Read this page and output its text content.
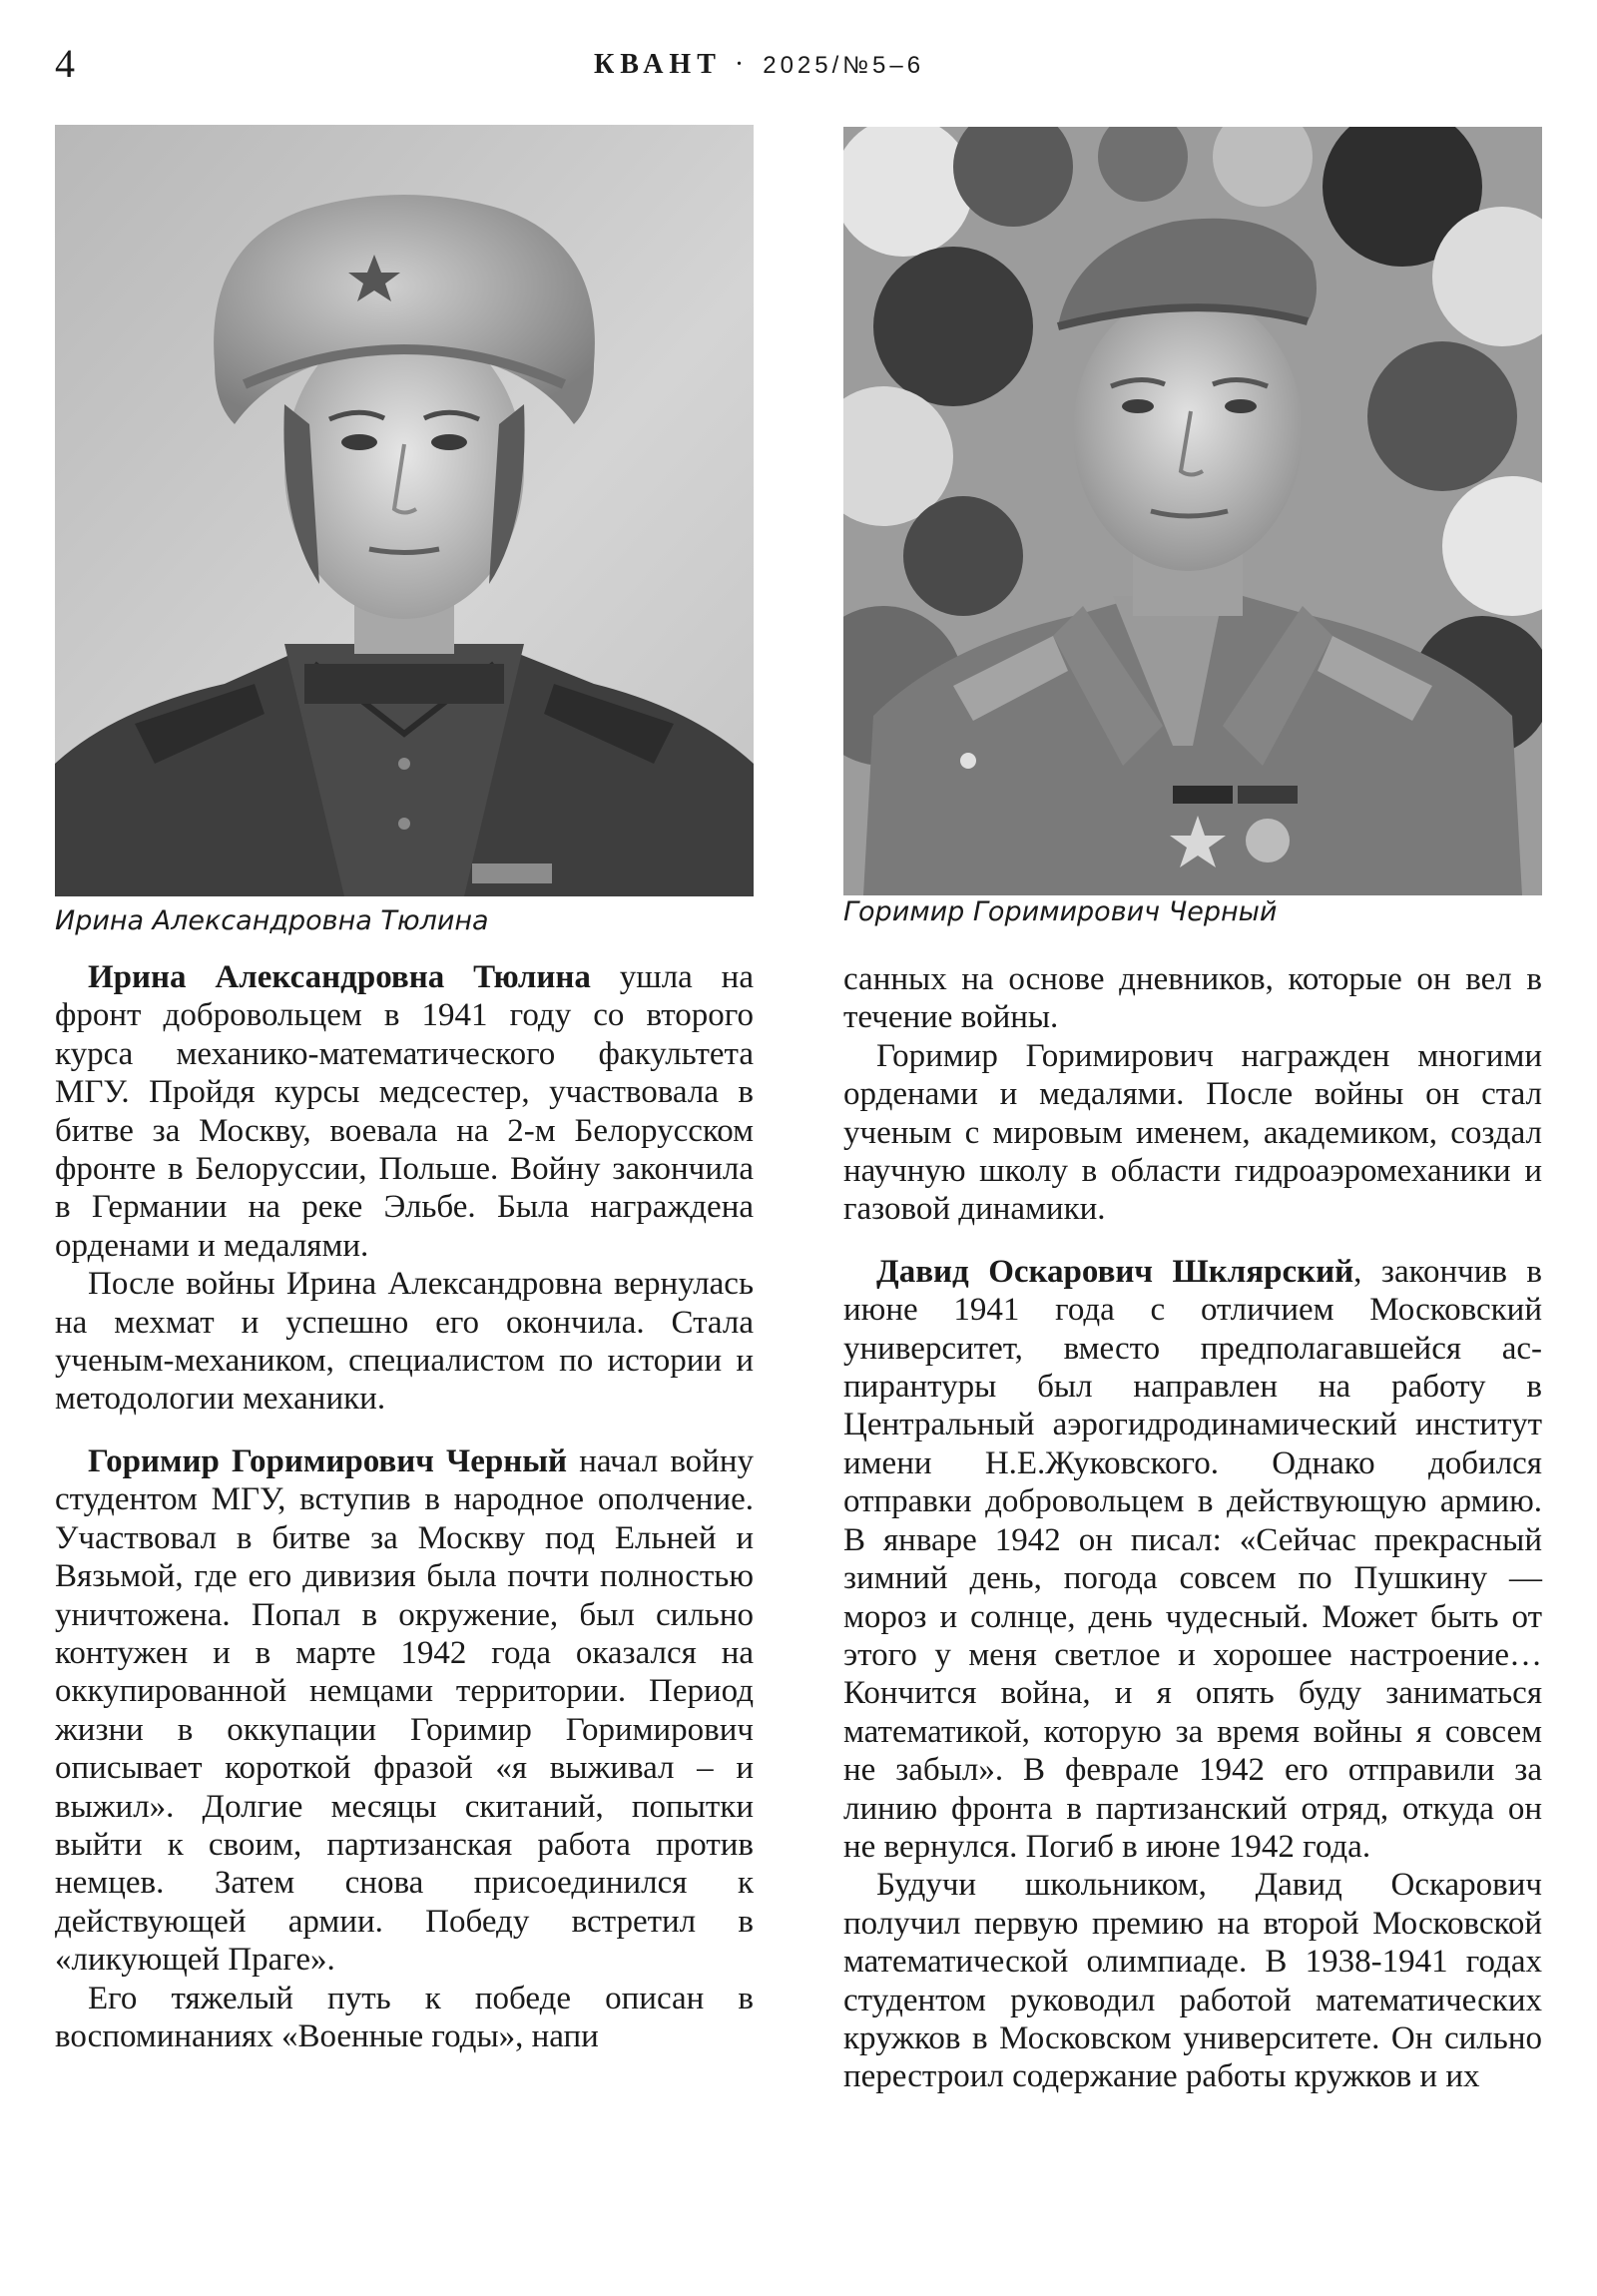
4	КВАНТ · 2025/№5–6
Ирина Александровна Тюлина	Горимир Горимирович Черный

Ирина Александровна Тюлина ушла на фронт добровольцем в 1941 году со второго курса механико-математического факультета МГУ. Пройдя курсы медсестер, участвовала в битве за Москву, воевала на 2-м Белорусском фронте в Белоруссии, Польше. Войну закончила в Германии на реке Эльбе. Была награждена орденами и медалями.

После войны Ирина Александровна вернулась на мехмат и успешно его окончила. Стала ученым-механиком, специалистом по истории и методологии механики.

Горимир Горимирович Черный начал войну студентом МГУ, вступив в народное ополчение. Участвовал в битве за Москву под Ельней и Вязьмой, где его дивизия была почти полностью уничтожена. Попал в окружение, был сильно контужен и в марте 1942 года оказался на оккупированной немцами территории. Период жизни в оккупации Горимир Горимирович описывает короткой фразой «я выживал – и выжил». Долгие месяцы скитаний, попытки выйти к своим, партизанская работа против немцев. Затем снова присоединился к действующей армии. Победу встретил в «ликующей Праге».

Его тяжелый путь к победе описан в воспоминаниях «Военные годы», напи

санных на основе дневников, которые он вел в течение войны.

Горимир Горимирович награжден многими орденами и медалями. После войны он стал ученым с мировым именем, академиком, создал научную школу в области гидроаэромеханики и газовой динамики.

Давид Оскарович Шклярский, закончив в июне 1941 года с отличием Московский университет, вместо предполагавшейся аспирантуры был направлен на работу в Центральный аэрогидродинамический институт имени Н.Е.Жуковского. Однако добился отправки добровольцем в действующую армию. В январе 1942 он писал: «Сейчас прекрасный зимний день, погода совсем по Пушкину — мороз и солнце, день чудесный. Может быть от этого у меня светлое и хорошее настроение… Кончится война, и я опять буду заниматься математикой, которую за время войны я совсем не забыл». В феврале 1942 его отправили за линию фронта в партизанский отряд, откуда он не вернулся. Погиб в июне 1942 года.

Будучи школьником, Давид Оскарович получил первую премию на второй Московской математической олимпиаде. В 1938-1941 годах студентом руководил работой математических кружков в Московском университете. Он сильно перестроил содержание работы кружков и их
